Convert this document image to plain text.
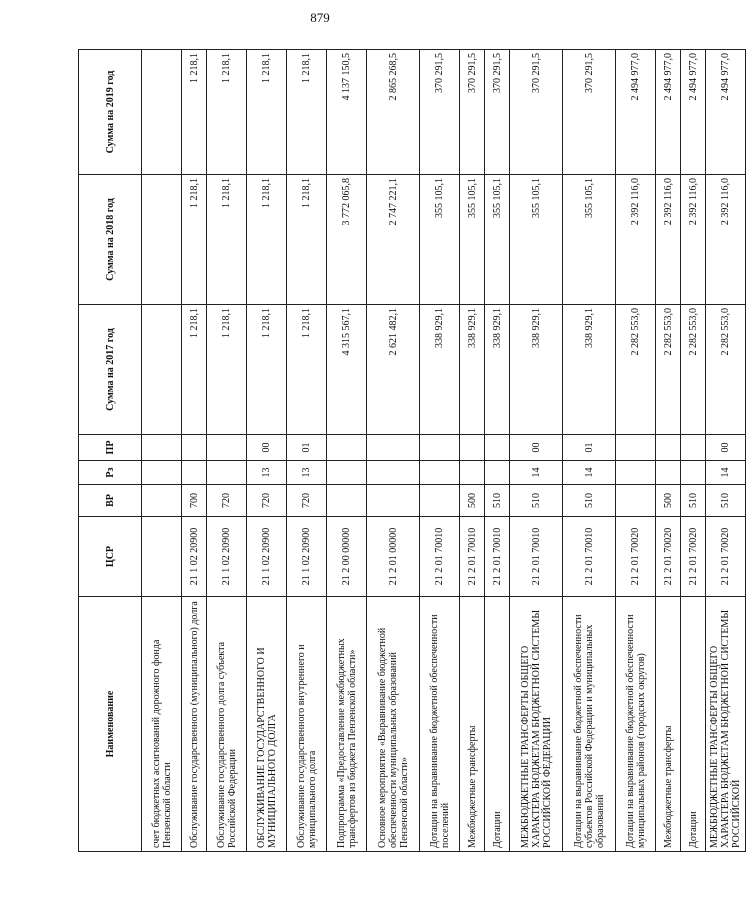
879
Наименование	ЦСР	ВР	Рз	ПР	Сумма на 2017 год	Сумма на 2018 год	Сумма на 2019 год
счет бюджетных ассигнований дорожного фонда Пензенской области							
Обслуживание государственного (муниципального) долга	21 1 02 20900	700			1 218,1	1 218,1	1 218,1
Обслуживание государственного долга субъекта Российской Федерации	21 1 02 20900	720			1 218,1	1 218,1	1 218,1
ОБСЛУЖИВАНИЕ ГОСУДАРСТВЕННОГО И МУНИЦИПАЛЬНОГО ДОЛГА	21 1 02 20900	720	13	00	1 218,1	1 218,1	1 218,1
Обслуживание государственного внутреннего и муниципального долга	21 1 02 20900	720	13	01	1 218,1	1 218,1	1 218,1
Подпрограмма «Предоставление межбюджетных трансфертов из бюджета Пензенской области»	21 2 00 00000				4 315 567,1	3 772 065,8	4 137 150,5
Основное мероприятие «Выравнивание бюджетной обеспеченности муниципальных образований Пензенской области»	21 2 01 00000				2 621 482,1	2 747 221,1	2 865 268,5
Дотации на выравнивание бюджетной обеспеченности поселений	21 2 01 70010				338 929,1	355 105,1	370 291,5
Межбюджетные трансферты	21 2 01 70010	500			338 929,1	355 105,1	370 291,5
Дотации	21 2 01 70010	510			338 929,1	355 105,1	370 291,5
МЕЖБЮДЖЕТНЫЕ ТРАНСФЕРТЫ ОБЩЕГО ХАРАКТЕРА БЮДЖЕТАМ БЮДЖЕТНОЙ СИСТЕМЫ РОССИЙСКОЙ ФЕДЕРАЦИИ	21 2 01 70010	510	14	00	338 929,1	355 105,1	370 291,5
Дотации на выравнивание бюджетной обеспеченности субъектов Российской Федерации и муниципальных образований	21 2 01 70010	510	14	01	338 929,1	355 105,1	370 291,5
Дотации на выравнивание бюджетной обеспеченности муниципальных районов (городских округов)	21 2 01 70020				2 282 553,0	2 392 116,0	2 494 977,0
Межбюджетные трансферты	21 2 01 70020	500			2 282 553,0	2 392 116,0	2 494 977,0
Дотации	21 2 01 70020	510			2 282 553,0	2 392 116,0	2 494 977,0
МЕЖБЮДЖЕТНЫЕ ТРАНСФЕРТЫ ОБЩЕГО ХАРАКТЕРА БЮДЖЕТАМ БЮДЖЕТНОЙ СИСТЕМЫ РОССИЙСКОЙ	21 2 01 70020	510	14	00	2 282 553,0	2 392 116,0	2 494 977,0
